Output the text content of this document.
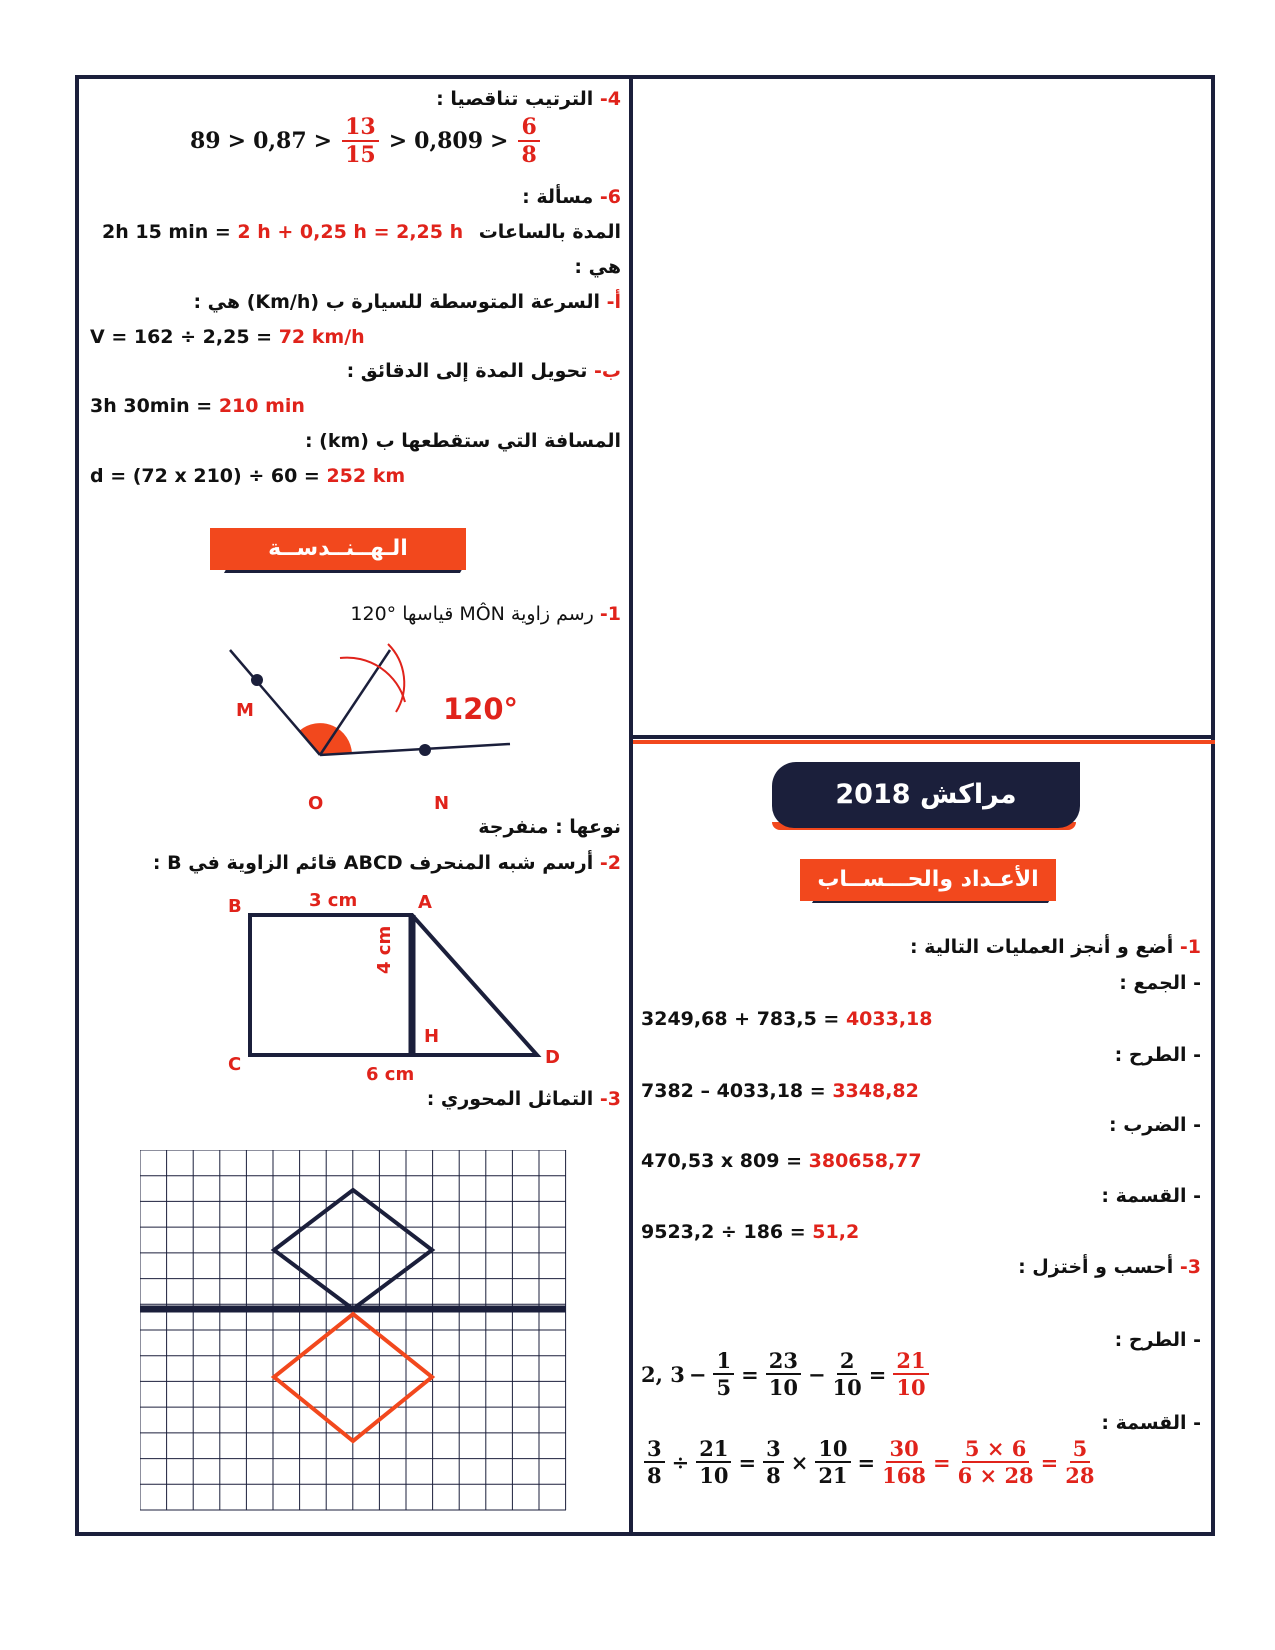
4- الترتيب تناقصيا :
$89 > 0,87 > \frac{13}{15} > 0,809 > \frac{6}{8}$
6- مسألة :
المدة بالساعات
2h 15 min = 2 h + 0,25 h = 2,25 h
هي :
أ- السرعة المتوسطة للسيارة ب (Km/h) هي :
V = 162 ÷ 2,25 = 72 km/h
ب- تحويل المدة إلى الدقائق :
3h 30min = 210 min
المسافة التي ستقطعها ب (km) :
d = (72 x 210) ÷ 60 = 252 km
الـهــنــدســة
1- رسم زاوية MÔN قياسها °120
M
O	N
120°
نوعها : منفرجة
2- أرسم شبه المنحرف ABCD قائم الزاوية في B :
B	A
C	D
H
3 cm
6 cm
4 cm
3- التماثل المحوري :
مراكش 2018
الأعـداد والحـــســاب
1- أضع و أنجز العمليات التالية :
- الجمع :
3249,68 + 783,5 = 4033,18
- الطرح :
7382 – 4033,18 = 3348,82
- الضرب :
470,53 x 809 = 380658,77
- القسمة :
9523,2 ÷ 186 = 51,2
3- أحسب و أختزل :
- الطرح :
2, $3 - \frac{1}{5} = \frac{23}{10} - \frac{2}{10} = \frac{21}{10}$
- القسمة :
$\frac{3}{8} \div \frac{21}{10} = \frac{3}{8} \times \frac{10}{21} = \frac{30}{168} = \frac{5 \times 6}{6 \times 28} = \frac{5}{28}$
